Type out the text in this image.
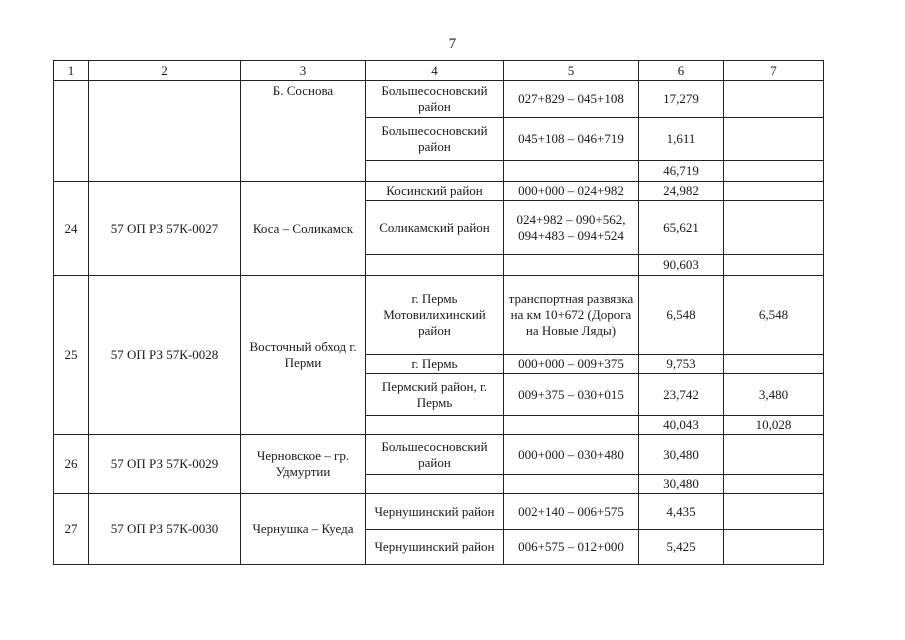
7
1	2	3	4	5	6	7
		Б. Соснова	Большесосновский район	027+829 – 045+108	17,279	
			Большесосновский район	045+108 – 046+719	1,611	
					46,719	
24	57 ОП РЗ 57К-0027	Коса – Соликамск	Косинский район	000+000 – 024+982	24,982	
			Соликамский район	024+982 – 090+562, 094+483 – 094+524	65,621	
					90,603	
25	57 ОП РЗ 57К-0028	Восточный обход г. Перми	г. Пермь Мотовилихинский район	транспортная развязка на км 10+672 (Дорога на Новые Ляды)	6,548	6,548
			г. Пермь	000+000 – 009+375	9,753	
			Пермский район, г. Пермь	009+375 – 030+015	23,742	3,480
					40,043	10,028
26	57 ОП РЗ 57К-0029	Черновское – гр. Удмуртии	Большесосновский район	000+000 – 030+480	30,480	
					30,480	
27	57 ОП РЗ 57К-0030	Чернушка – Куеда	Чернушинский район	002+140 – 006+575	4,435	
			Чернушинский район	006+575 – 012+000	5,425	
